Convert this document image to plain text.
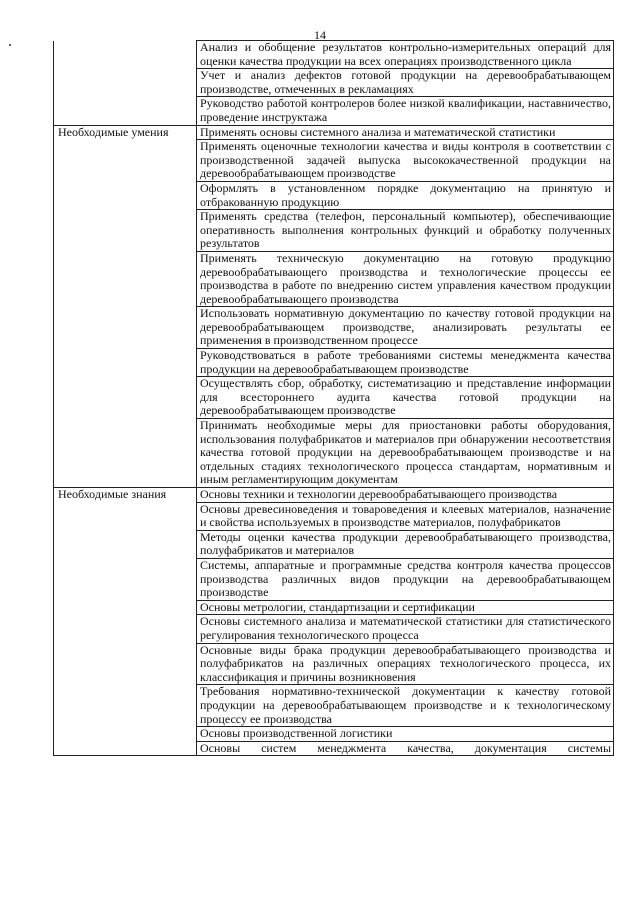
14
	Анализ и обобщение результатов контрольно-измерительных операций для оценки качества продукции на всех операциях производственного цикла
	Учет и анализ дефектов готовой продукции на деревообрабатывающем производстве, отмеченных в рекламациях
	Руководство работой контролеров более низкой квалификации, наставничество, проведение инструктажа
Необходимые умения	Применять основы системного анализа и математической статистики
	Применять оценочные технологии качества и виды контроля в соответствии с производственной задачей выпуска высококачественной продукции на деревообрабатывающем производстве
	Оформлять в установленном порядке документацию на принятую и отбракованную продукцию
	Применять средства (телефон, персональный компьютер), обеспечивающие оперативность выполнения контрольных функций и обработку полученных результатов
	Применять техническую документацию на готовую продукцию деревообрабатывающего производства и технологические процессы ее производства в работе по внедрению систем управления качеством продукции деревообрабатывающего производства
	Использовать нормативную документацию по качеству готовой продукции на деревообрабатывающем производстве, анализировать результаты ее применения в производственном процессе
	Руководствоваться в работе требованиями системы менеджмента качества продукции на деревообрабатывающем производстве
	Осуществлять сбор, обработку, систематизацию и представление информации для всестороннего аудита качества готовой продукции на деревообрабатывающем производстве
	Принимать необходимые меры для приостановки работы оборудования, использования полуфабрикатов и материалов при обнаружении несоответствия качества готовой продукции на деревообрабатывающем производстве и на отдельных стадиях технологического процесса стандартам, нормативным и иным регламентирующим документам
Необходимые знания	Основы техники и технологии деревообрабатывающего производства
	Основы древесиноведения и товароведения и клеевых материалов, назначение и свойства используемых в производстве материалов, полуфабрикатов
	Методы оценки качества продукции деревообрабатывающего производства, полуфабрикатов и материалов
	Системы, аппаратные и программные средства контроля качества процессов производства различных видов продукции на деревообрабатывающем производстве
	Основы метрологии, стандартизации и сертификации
	Основы системного анализа и математической статистики для статистического регулирования технологического процесса
	Основные виды брака продукции деревообрабатывающего производства и полуфабрикатов на различных операциях технологического процесса, их классификация и причины возникновения
	Требования нормативно-технической документации к качеству готовой продукции на деревообрабатывающем производстве и к технологическому процессу ее производства
	Основы производственной логистики
	Основы систем менеджмента качества, документация системы
